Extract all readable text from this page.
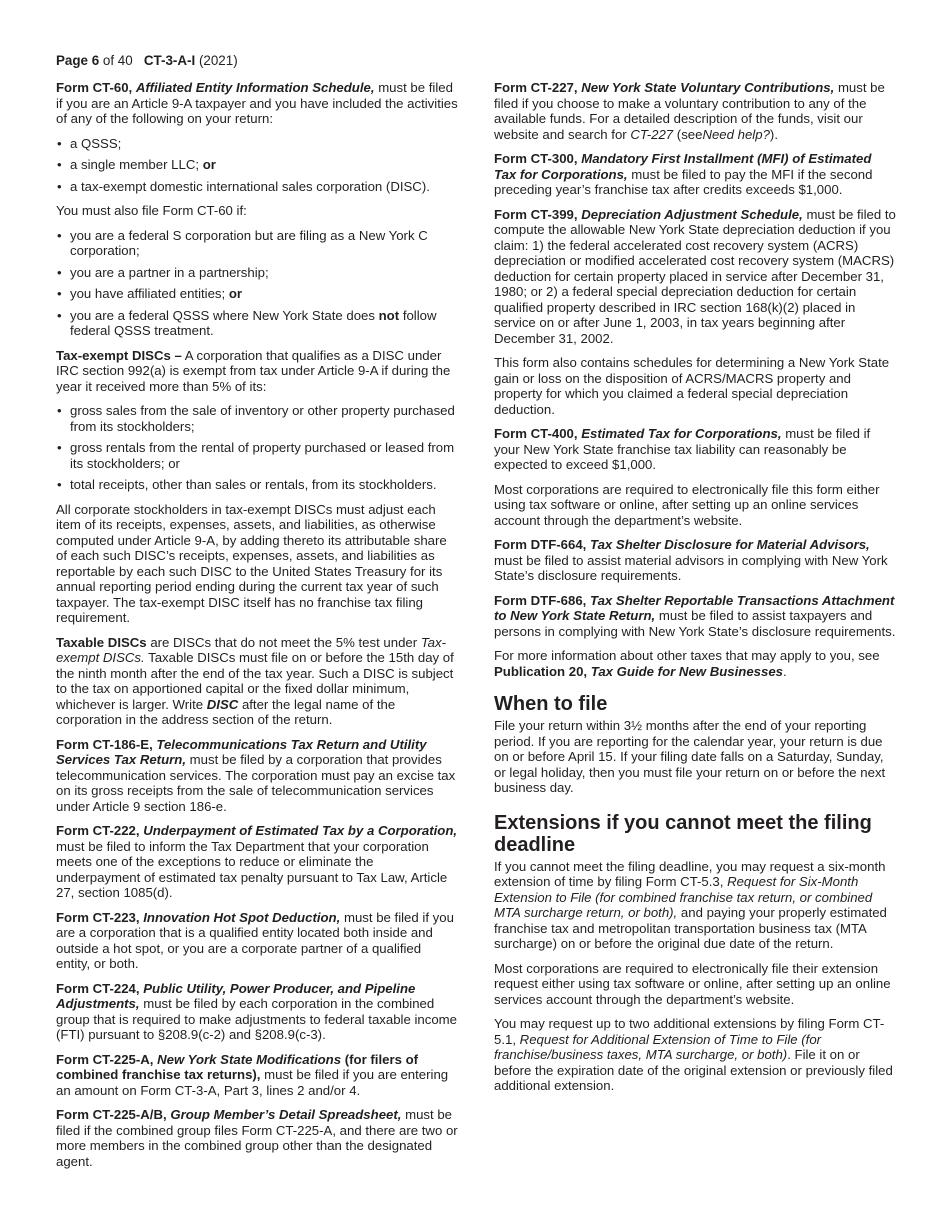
Page 6 of 40 CT-3-A-I (2021)

Form CT-60, Affiliated Entity Information Schedule, must be filed if you are an Article 9-A taxpayer and you have included the activities of any of the following on your return:

• a QSSS;
• a single member LLC; or
• a tax-exempt domestic international sales corporation (DISC).

You must also file Form CT-60 if:

• you are a federal S corporation but are filing as a New York C corporation;
• you are a partner in a partnership;
• you have affiliated entities; or
• you are a federal QSSS where New York State does not follow federal QSSS treatment.

Tax-exempt DISCs – A corporation that qualifies as a DISC under IRC section 992(a) is exempt from tax under Article 9-A if during the year it received more than 5% of its:

• gross sales from the sale of inventory or other property purchased from its stockholders;
• gross rentals from the rental of property purchased or leased from its stockholders; or
• total receipts, other than sales or rentals, from its stockholders.

All corporate stockholders in tax-exempt DISCs must adjust each item of its receipts, expenses, assets, and liabilities, as otherwise computed under Article 9-A, by adding thereto its attributable share of each such DISC’s receipts, expenses, assets, and liabilities as reportable by each such DISC to the United States Treasury for its annual reporting period ending during the current tax year of such taxpayer. The tax-exempt DISC itself has no franchise tax filing requirement.

Taxable DISCs are DISCs that do not meet the 5% test under Tax-exempt DISCs. Taxable DISCs must file on or before the 15th day of the ninth month after the end of the tax year. Such a DISC is subject to the tax on apportioned capital or the fixed dollar minimum, whichever is larger. Write DISC after the legal name of the corporation in the address section of the return.

Form CT-186-E, Telecommunications Tax Return and Utility Services Tax Return, must be filed by a corporation that provides telecommunication services. The corporation must pay an excise tax on its gross receipts from the sale of telecommunication services under Article 9 section 186-e.

Form CT-222, Underpayment of Estimated Tax by a Corporation, must be filed to inform the Tax Department that your corporation meets one of the exceptions to reduce or eliminate the underpayment of estimated tax penalty pursuant to Tax Law, Article 27, section 1085(d).

Form CT-223, Innovation Hot Spot Deduction, must be filed if you are a corporation that is a qualified entity located both inside and outside a hot spot, or you are a corporate partner of a qualified entity, or both.

Form CT-224, Public Utility, Power Producer, and Pipeline Adjustments, must be filed by each corporation in the combined group that is required to make adjustments to federal taxable income (FTI) pursuant to §208.9(c-2) and §208.9(c-3).

Form CT-225-A, New York State Modifications (for filers of combined franchise tax returns), must be filed if you are entering an amount on Form CT-3-A, Part 3, lines 2 and/or 4.

Form CT-225-A/B, Group Member’s Detail Spreadsheet, must be filed if the combined group files Form CT-225-A, and there are two or more members in the combined group other than the designated agent.

Form CT-227, New York State Voluntary Contributions, must be filed if you choose to make a voluntary contribution to any of the available funds. For a detailed description of the funds, visit our website and search for CT-227 (seeNeed help?).

Form CT-300, Mandatory First Installment (MFI) of Estimated Tax for Corporations, must be filed to pay the MFI if the second preceding year’s franchise tax after credits exceeds $1,000.

Form CT-399, Depreciation Adjustment Schedule, must be filed to compute the allowable New York State depreciation deduction if you claim: 1) the federal accelerated cost recovery system (ACRS) depreciation or modified accelerated cost recovery system (MACRS) deduction for certain property placed in service after December 31, 1980; or 2) a federal special depreciation deduction for certain qualified property described in IRC section 168(k)(2) placed in service on or after June 1, 2003, in tax years beginning after December 31, 2002.

This form also contains schedules for determining a New York State gain or loss on the disposition of ACRS/MACRS property and property for which you claimed a federal special depreciation deduction.

Form CT-400, Estimated Tax for Corporations, must be filed if your New York State franchise tax liability can reasonably be expected to exceed $1,000.

Most corporations are required to electronically file this form either using tax software or online, after setting up an online services account through the department’s website.

Form DTF-664, Tax Shelter Disclosure for Material Advisors, must be filed to assist material advisors in complying with New York State’s disclosure requirements.

Form DTF-686, Tax Shelter Reportable Transactions Attachment to New York State Return, must be filed to assist taxpayers and persons in complying with New York State’s disclosure requirements.

For more information about other taxes that may apply to you, see Publication 20, Tax Guide for New Businesses.

When to file

File your return within 3½ months after the end of your reporting period. If you are reporting for the calendar year, your return is due on or before April 15. If your filing date falls on a Saturday, Sunday, or legal holiday, then you must file your return on or before the next business day.

Extensions if you cannot meet the filing deadline

If you cannot meet the filing deadline, you may request a six-month extension of time by filing Form CT-5.3, Request for Six-Month Extension to File (for combined franchise tax return, or combined MTA surcharge return, or both), and paying your properly estimated franchise tax and metropolitan transportation business tax (MTA surcharge) on or before the original due date of the return.

Most corporations are required to electronically file their extension request either using tax software or online, after setting up an online services account through the department’s website.

You may request up to two additional extensions by filing Form CT-5.1, Request for Additional Extension of Time to File (for franchise/business taxes, MTA surcharge, or both). File it on or before the expiration date of the original extension or previously filed additional extension.
